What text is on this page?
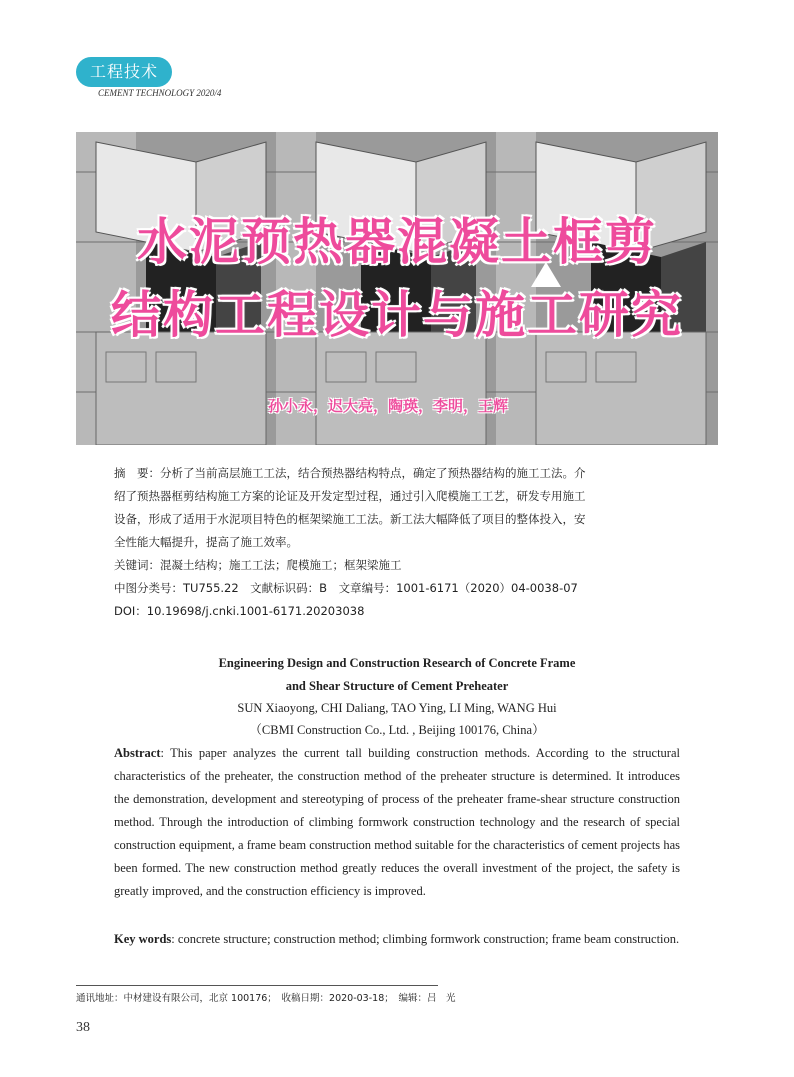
工程技术
CEMENT TECHNOLOGY 2020/4
水泥预热器混凝土框剪
结构工程设计与施工研究
孙小永，迟大亮，陶瑛，李明，王辉
摘　要：分析了当前高层施工工法，结合预热器结构特点，确定了预热器结构的施工工法。介
绍了预热器框剪结构施工方案的论证及开发定型过程，通过引入爬模施工工艺，研发专用施工
设备，形成了适用于水泥项目特色的框架梁施工工法。新工法大幅降低了项目的整体投入，安
全性能大幅提升，提高了施工效率。
关键词：混凝土结构；施工工法；爬模施工；框架梁施工
中图分类号：TU755.22　文献标识码：B　文章编号：1001-6171（2020）04-0038-07
DOI：10.19698/j.cnki.1001-6171.20203038
Engineering Design and Construction Research of Concrete Frame
and Shear Structure of Cement Preheater
SUN Xiaoyong, CHI Daliang, TAO Ying, LI Ming, WANG Hui
（CBMI Construction Co., Ltd. , Beijing 100176, China）
Abstract: This paper analyzes the current tall building construction methods. According to the structural characteristics of the preheater, the construction method of the preheater structure is determined. It introduces the demonstration, development and stereotyping of process of the preheater frame-shear structure construction method. Through the introduction of climbing formwork construction technology and the research of special construction equipment, a frame beam construction method suitable for the characteristics of cement projects has been formed. The new construction method greatly reduces the overall investment of the project, the safety is greatly improved, and the construction efficiency is improved.
Key words: concrete structure; construction method; climbing formwork construction; frame beam construction.
通讯地址：中材建设有限公司，北京 100176；　收稿日期：2020-03-18；　编辑：吕　光
38
